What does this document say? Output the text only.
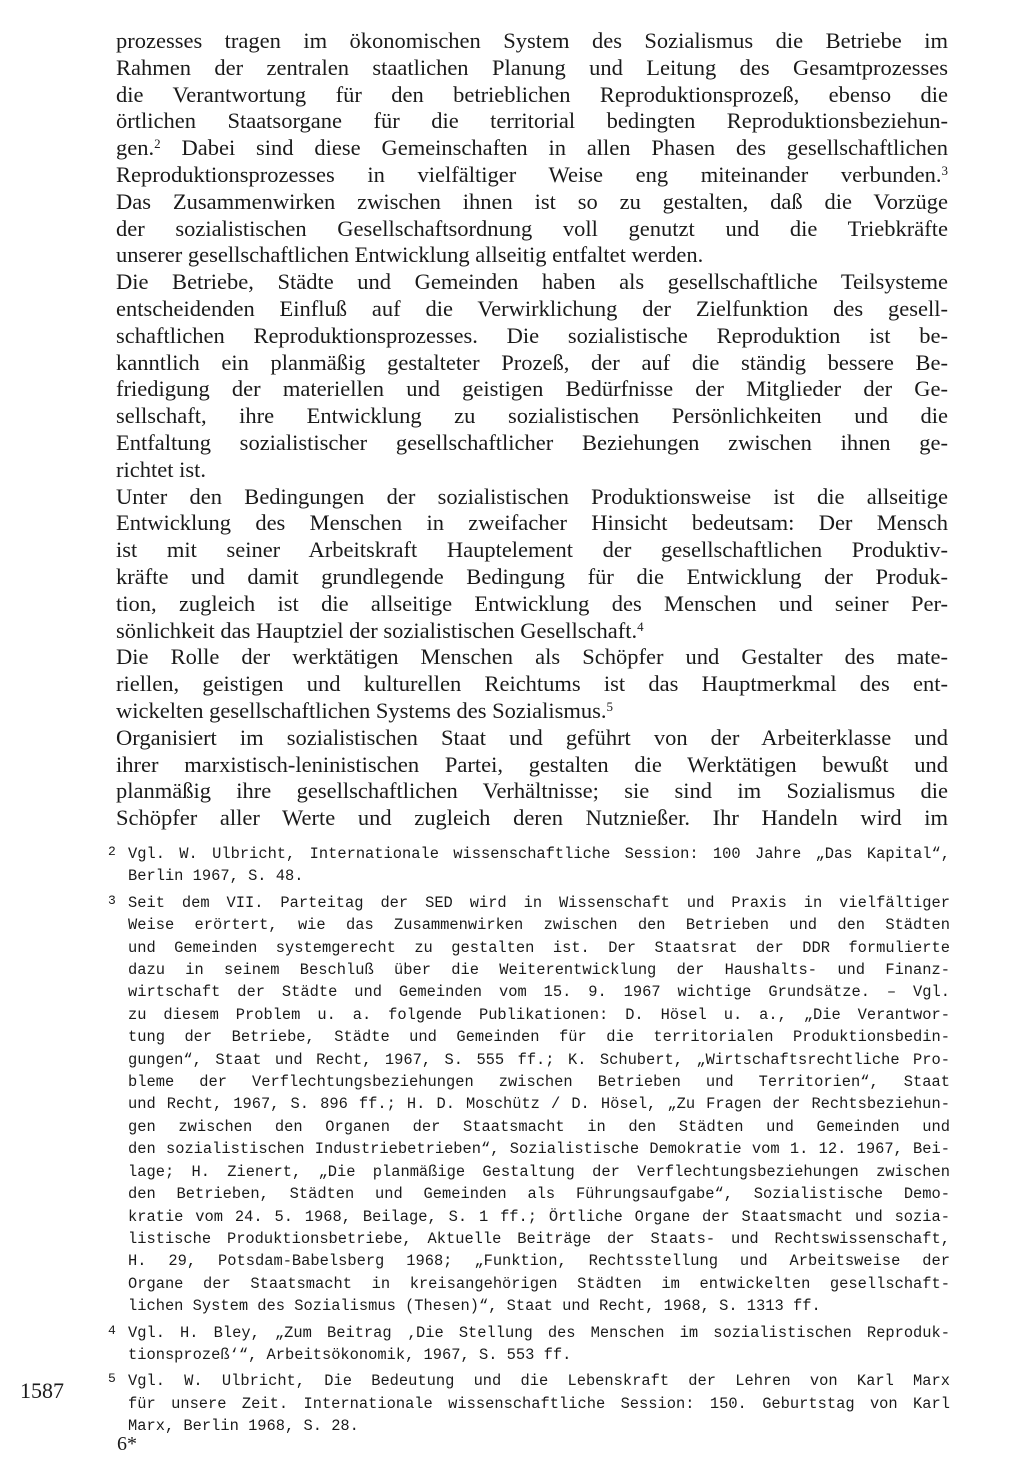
prozesses tragen im ökonomischen System des Sozialismus die Betriebe im
Rahmen der zentralen staatlichen Planung und Leitung des Gesamtprozesses
die Verantwortung für den betrieblichen Reproduktionsprozeß, ebenso die
örtlichen Staatsorgane für die territorial bedingten Reproduktionsbeziehun-
gen.$^2$ Dabei sind diese Gemeinschaften in allen Phasen des gesellschaftlichen
Reproduktionsprozesses in vielfältiger Weise eng miteinander verbunden.$^3$
Das Zusammenwirken zwischen ihnen ist so zu gestalten, daß die Vorzüge
der sozialistischen Gesellschaftsordnung voll genutzt und die Triebkräfte
unserer gesellschaftlichen Entwicklung allseitig entfaltet werden.
Die Betriebe, Städte und Gemeinden haben als gesellschaftliche Teilsysteme
entscheidenden Einfluß auf die Verwirklichung der Zielfunktion des gesell-
schaftlichen Reproduktionsprozesses. Die sozialistische Reproduktion ist be-
kanntlich ein planmäßig gestalteter Prozeß, der auf die ständig bessere Be-
friedigung der materiellen und geistigen Bedürfnisse der Mitglieder der Ge-
sellschaft, ihre Entwicklung zu sozialistischen Persönlichkeiten und die
Entfaltung sozialistischer gesellschaftlicher Beziehungen zwischen ihnen ge-
richtet ist.
Unter den Bedingungen der sozialistischen Produktionsweise ist die allseitige
Entwicklung des Menschen in zweifacher Hinsicht bedeutsam: Der Mensch
ist mit seiner Arbeitskraft Hauptelement der gesellschaftlichen Produktiv-
kräfte und damit grundlegende Bedingung für die Entwicklung der Produk-
tion, zugleich ist die allseitige Entwicklung des Menschen und seiner Per-
sönlichkeit das Hauptziel der sozialistischen Gesellschaft.$^4$
Die Rolle der werktätigen Menschen als Schöpfer und Gestalter des mate-
riellen, geistigen und kulturellen Reichtums ist das Hauptmerkmal des ent-
wickelten gesellschaftlichen Systems des Sozialismus.$^5$
Organisiert im sozialistischen Staat und geführt von der Arbeiterklasse und
ihrer marxistisch-leninistischen Partei, gestalten die Werktätigen bewußt und
planmäßig ihre gesellschaftlichen Verhältnisse; sie sind im Sozialismus die
Schöpfer aller Werte und zugleich deren Nutznießer. Ihr Handeln wird im
2 Vgl. W. Ulbricht, Internationale wissenschaftliche Session: 100 Jahre „Das Kapital“,
Berlin 1967, S. 48.
3 Seit dem VII. Parteitag der SED wird in Wissenschaft und Praxis in vielfältiger
Weise erörtert, wie das Zusammenwirken zwischen den Betrieben und den Städten
und Gemeinden systemgerecht zu gestalten ist. Der Staatsrat der DDR formulierte
dazu in seinem Beschluß über die Weiterentwicklung der Haushalts- und Finanz-
wirtschaft der Städte und Gemeinden vom 15. 9. 1967 wichtige Grundsätze. – Vgl.
zu diesem Problem u. a. folgende Publikationen: D. Hösel u. a., „Die Verantwor-
tung der Betriebe, Städte und Gemeinden für die territorialen Produktionsbedin-
gungen“, Staat und Recht, 1967, S. 555 ff.; K. Schubert, „Wirtschaftsrechtliche Pro-
bleme der Verflechtungsbeziehungen zwischen Betrieben und Territorien“, Staat
und Recht, 1967, S. 896 ff.; H. D. Moschütz / D. Hösel, „Zu Fragen der Rechtsbeziehun-
gen zwischen den Organen der Staatsmacht in den Städten und Gemeinden und
den sozialistischen Industriebetrieben“, Sozialistische Demokratie vom 1. 12. 1967, Bei-
lage; H. Zienert, „Die planmäßige Gestaltung der Verflechtungsbeziehungen zwischen
den Betrieben, Städten und Gemeinden als Führungsaufgabe“, Sozialistische Demo-
kratie vom 24. 5. 1968, Beilage, S. 1 ff.; Örtliche Organe der Staatsmacht und sozia-
listische Produktionsbetriebe, Aktuelle Beiträge der Staats- und Rechtswissenschaft,
H. 29, Potsdam-Babelsberg 1968; „Funktion, Rechtsstellung und Arbeitsweise der
Organe der Staatsmacht in kreisangehörigen Städten im entwickelten gesellschaft-
lichen System des Sozialismus (Thesen)“, Staat und Recht, 1968, S. 1313 ff.
4 Vgl. H. Bley, „Zum Beitrag ‚Die Stellung des Menschen im sozialistischen Reproduk-
tionsprozeß‘“, Arbeitsökonomik, 1967, S. 553 ff.
5 Vgl. W. Ulbricht, Die Bedeutung und die Lebenskraft der Lehren von Karl Marx
für unsere Zeit. Internationale wissenschaftliche Session: 150. Geburtstag von Karl
Marx, Berlin 1968, S. 28.
1587
6*
